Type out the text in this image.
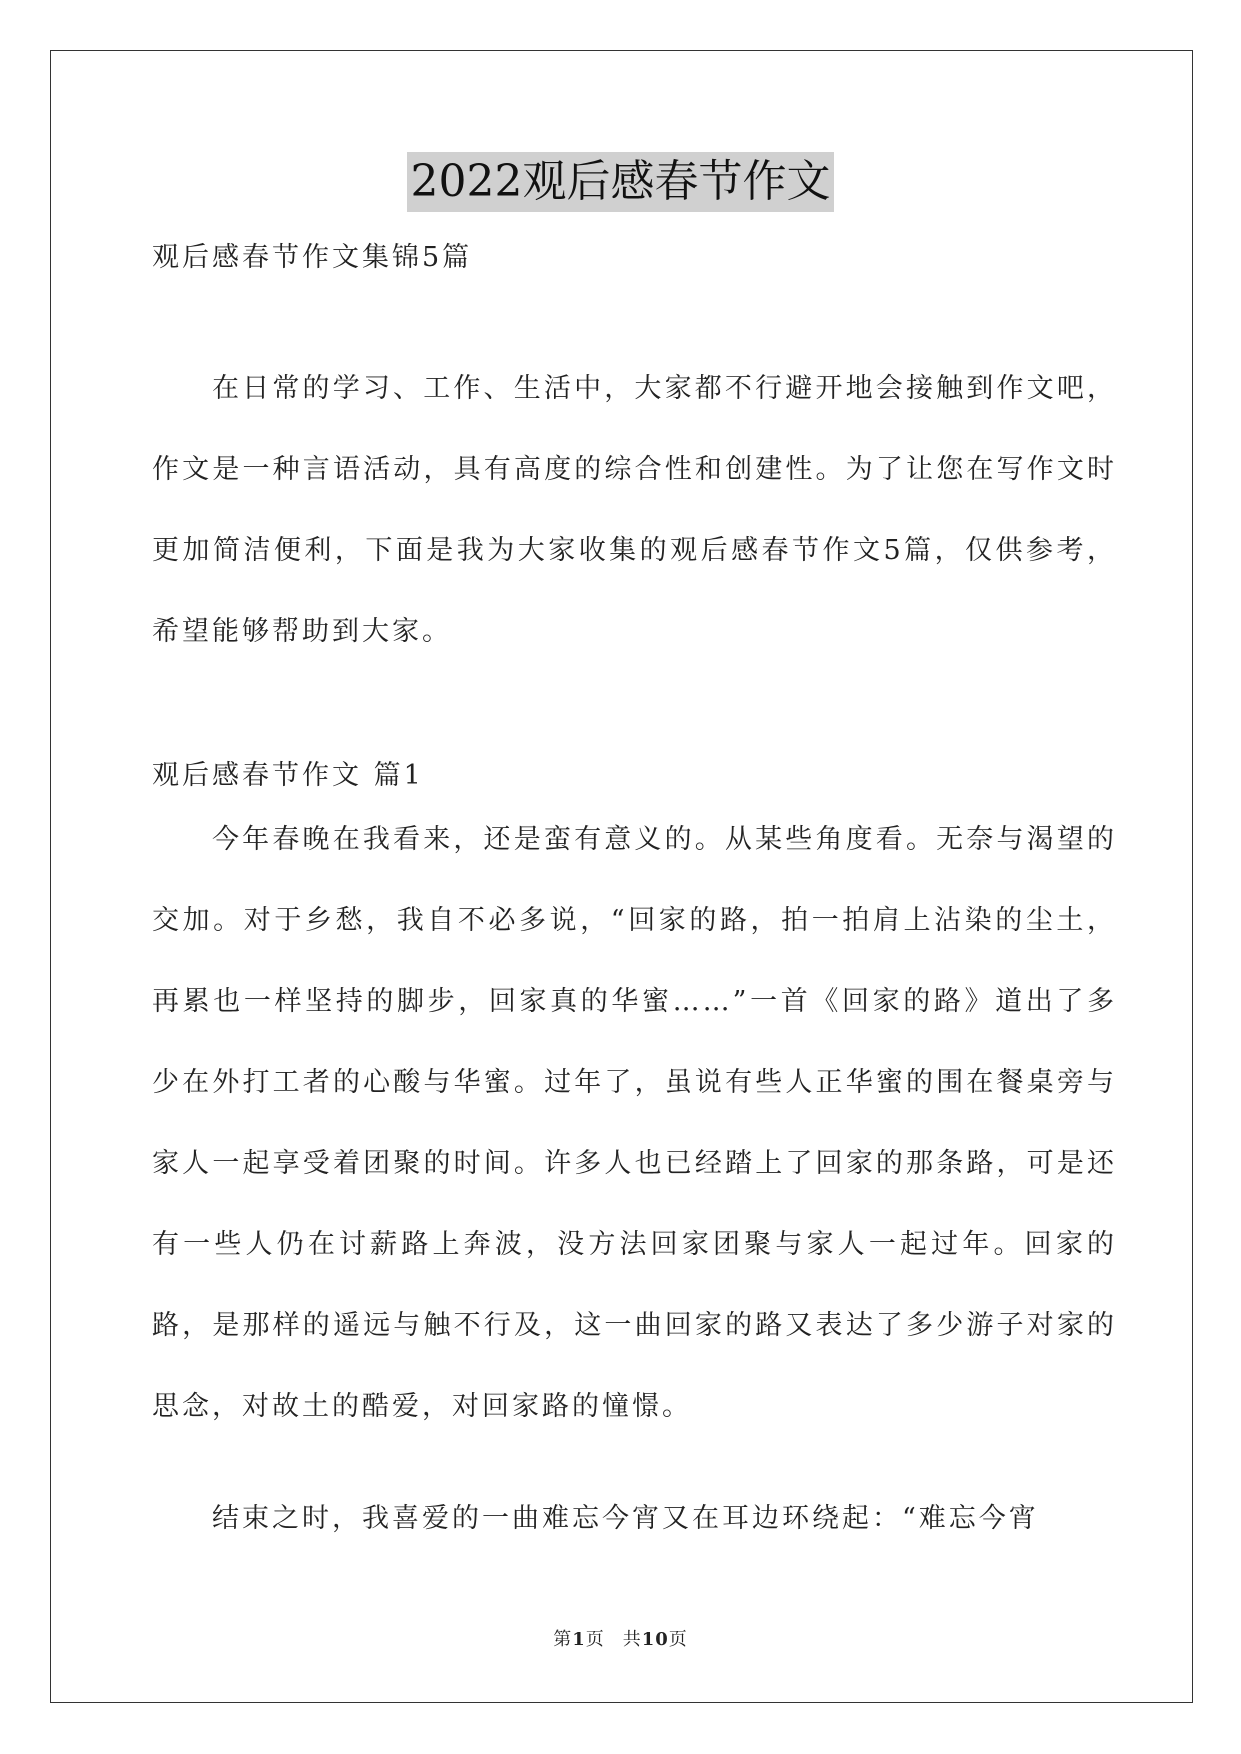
2022观后感春节作文
观后感春节作文集锦5篇
在日常的学习、工作、生活中，大家都不行避开地会接触到作文吧，作文是一种言语活动，具有高度的综合性和创建性。为了让您在写作文时更加简洁便利，下面是我为大家收集的观后感春节作文5篇，仅供参考，希望能够帮助到大家。
观后感春节作文 篇1
今年春晚在我看来，还是蛮有意义的。从某些角度看。无奈与渴望的交加。对于乡愁，我自不必多说，“回家的路，拍一拍肩上沾染的尘土，再累也一样坚持的脚步，回家真的华蜜……”一首《回家的路》道出了多少在外打工者的心酸与华蜜。过年了，虽说有些人正华蜜的围在餐桌旁与家人一起享受着团聚的时间。许多人也已经踏上了回家的那条路，可是还有一些人仍在讨薪路上奔波，没方法回家团聚与家人一起过年。回家的路，是那样的遥远与触不行及，这一曲回家的路又表达了多少游子对家的思念，对故土的酷爱，对回家路的憧憬。
结束之时，我喜爱的一曲难忘今宵又在耳边环绕起：“难忘今宵
第1页 共10页
